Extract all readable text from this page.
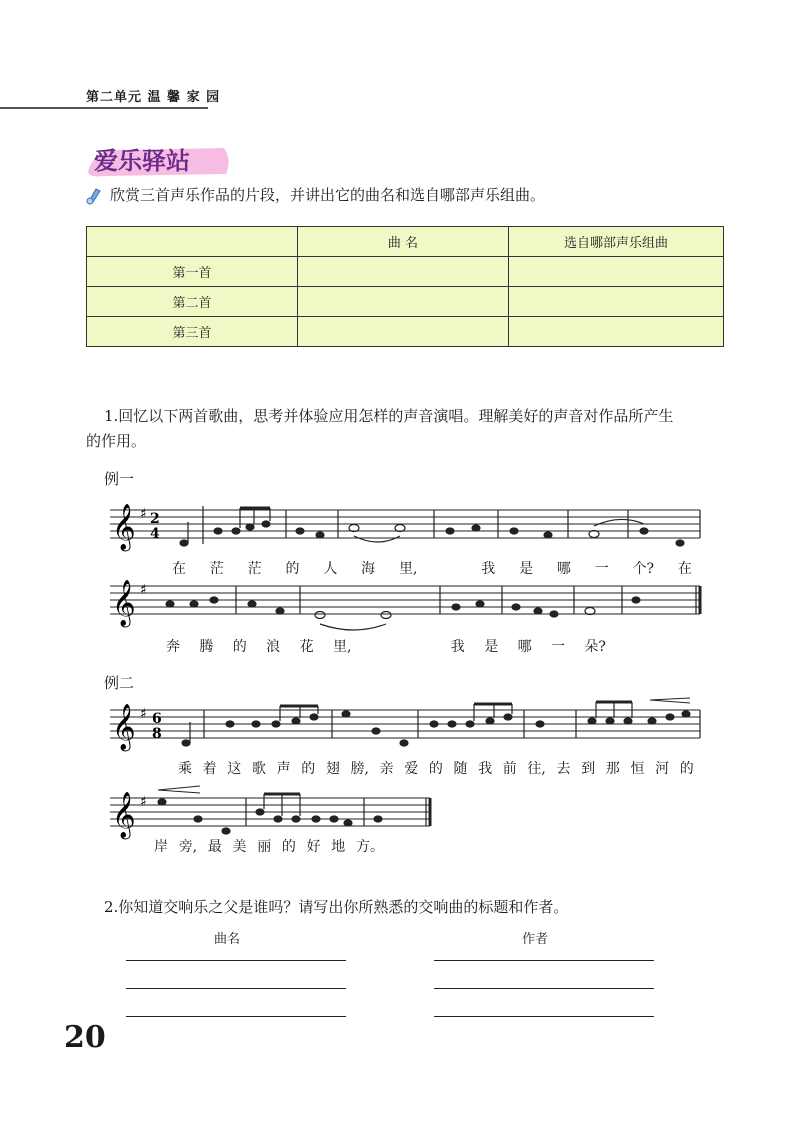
第二单元 温 馨 家 园
爱乐驿站
欣赏三首声乐作品的片段，并讲出它的曲名和选自哪部声乐组曲。
	曲 名	选自哪部声乐组曲
第一首		
第二首		
第三首		
1.回忆以下两首歌曲，思考并体验应用怎样的声音演唱。理解美好的声音对作品所产生
的作用。
例一
𝄞 ♯ 2
4
在 茫 茫 的 人 海 里,	我 是 哪 一 个? 在
𝄞 ♯
奔 腾 的 浪 花 里,	我 是 哪 一 朵?
例二
𝄞 ♯ 6
8
乘 着 这 歌 声 的 翅 膀, 亲 爱 的 随 我 前 往, 去 到 那 恒 河 的
𝄞 ♯
岸 旁, 最 美 丽 的 好 地 方。
2.你知道交响乐之父是谁吗？请写出你所熟悉的交响曲的标题和作者。
曲名	作者
20
